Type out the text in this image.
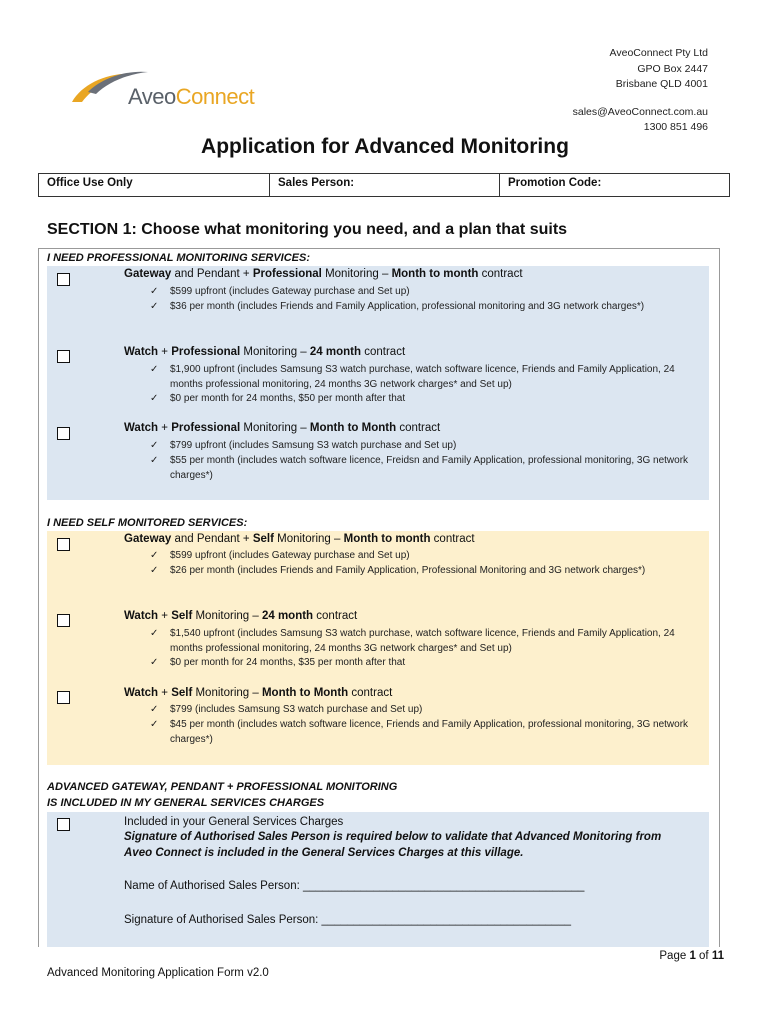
AveoConnect
AveoConnect Pty Ltd
GPO Box 2447
Brisbane QLD 4001
sales@AveoConnect.com.au
1300 851 496
Application for Advanced Monitoring
Office Use Only	Sales Person:	Promotion Code:
SECTION 1: Choose what monitoring you need, and a plan that suits
I NEED PROFESSIONAL MONITORING SERVICES:
Gateway and Pendant + Professional Monitoring – Month to month contract
✓	$599 upfront (includes Gateway purchase and Set up)
✓	$36 per month (includes Friends and Family Application, professional monitoring and 3G network charges*)
Watch + Professional Monitoring – 24 month contract
✓	$1,900 upfront (includes Samsung S3 watch purchase, watch software licence, Friends and Family Application, 24 months professional monitoring, 24 months 3G network charges* and Set up)
✓	$0 per month for 24 months, $50 per month after that
Watch + Professional Monitoring – Month to Month contract
✓	$799 upfront (includes Samsung S3 watch purchase and Set up)
✓	$55 per month (includes watch software licence, Freidsn and Family Application, professional monitoring, 3G network charges*)
I NEED SELF MONITORED SERVICES:
Gateway and Pendant + Self Monitoring – Month to month contract
✓	$599 upfront (includes Gateway purchase and Set up)
✓	$26 per month (includes Friends and Family Application, Professional Monitoring and 3G network charges*)
Watch + Self Monitoring – 24 month contract
✓	$1,540 upfront (includes Samsung S3 watch purchase, watch software licence, Friends and Family Application, 24 months professional monitoring, 24 months 3G network charges* and Set up)
✓	$0 per month for 24 months, $35 per month after that
Watch + Self Monitoring – Month to Month contract
✓	$799 (includes Samsung S3 watch purchase and Set up)
✓	$45 per month (includes watch software licence, Friends and Family Application, professional monitoring, 3G network charges*)
ADVANCED GATEWAY, PENDANT + PROFESSIONAL MONITORING
IS INCLUDED IN MY GENERAL SERVICES CHARGES
Included in your General Services Charges
Signature of Authorised Sales Person is required below to validate that Advanced Monitoring from Aveo Connect is included in the General Services Charges at this village.
Name of Authorised Sales Person: ____________________________________________
Signature of Authorised Sales Person: _______________________________________
Page 1 of 11
Advanced Monitoring Application Form v2.0
